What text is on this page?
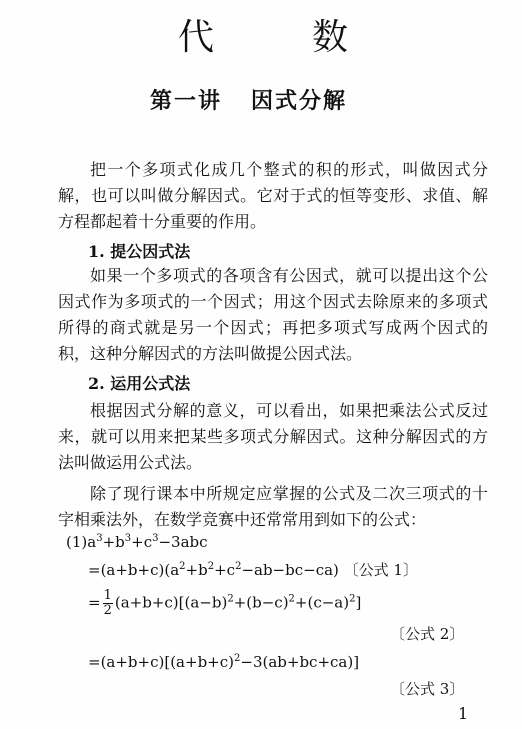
代	数
第一讲   因式分解

把一个多项式化成几个整式的积的形式，叫做因式分解，也可以叫做分解因式。它对于式的恒等变形、求值、解方程都起着十分重要的作用。

1. 提公因式法

如果一个多项式的各项含有公因式，就可以提出这个公因式作为多项式的一个因式；用这个因式去除原来的多项式所得的商式就是另一个因式；再把多项式写成两个因式的积，这种分解因式的方法叫做提公因式法。

2. 运用公式法

根据因式分解的意义，可以看出，如果把乘法公式反过来，就可以用来把某些多项式分解因式。这种分解因式的方法叫做运用公式法。

除了现行课本中所规定应掌握的公式及二次三项式的十字相乘法外，在数学竞赛中还常常用到如下的公式：

$(1)a^3+b^3+c^3-3abc$
$=(a+b+c)(a^2+b^2+c^2-ab-bc-ca)$ 〔公式 1〕
= $\frac{1}{2} (a+b+c)[(a-b)^2+(b-c)^2+(c-a)^2]$
〔公式 2〕
$=(a+b+c)[(a+b+c)^2-3(ab+bc+ca)]$
〔公式 3〕
1
